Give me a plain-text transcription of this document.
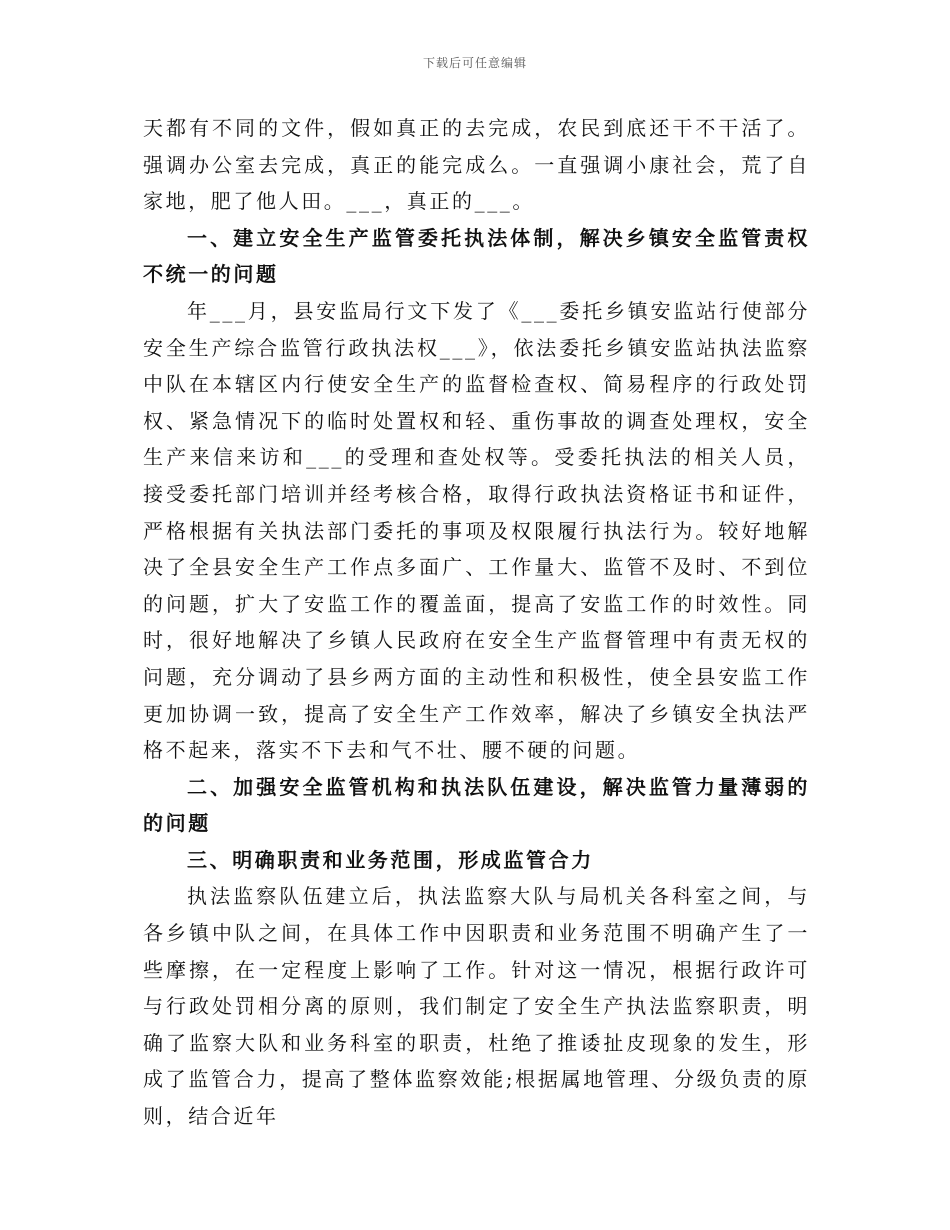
下载后可任意编辑

天都有不同的文件，假如真正的去完成，农民到底还干不干活了。强调办公室去完成，真正的能完成么。一直强调小康社会，荒了自家地，肥了他人田。___，真正的___。

一、建立安全生产监管委托执法体制，解决乡镇安全监管责权不统一的问题

年___月，县安监局行文下发了《___委托乡镇安监站行使部分安全生产综合监管行政执法权___》，依法委托乡镇安监站执法监察中队在本辖区内行使安全生产的监督检查权、简易程序的行政处罚权、紧急情况下的临时处置权和轻、重伤事故的调查处理权，安全生产来信来访和___的受理和查处权等。受委托执法的相关人员，接受委托部门培训并经考核合格，取得行政执法资格证书和证件，严格根据有关执法部门委托的事项及权限履行执法行为。较好地解决了全县安全生产工作点多面广、工作量大、监管不及时、不到位的问题，扩大了安监工作的覆盖面，提高了安监工作的时效性。同时，很好地解决了乡镇人民政府在安全生产监督管理中有责无权的问题，充分调动了县乡两方面的主动性和积极性，使全县安监工作更加协调一致，提高了安全生产工作效率，解决了乡镇安全执法严格不起来，落实不下去和气不壮、腰不硬的问题。

二、加强安全监管机构和执法队伍建设，解决监管力量薄弱的的问题

三、明确职责和业务范围，形成监管合力

执法监察队伍建立后，执法监察大队与局机关各科室之间，与各乡镇中队之间，在具体工作中因职责和业务范围不明确产生了一些摩擦，在一定程度上影响了工作。针对这一情况，根据行政许可与行政处罚相分离的原则，我们制定了安全生产执法监察职责，明确了监察大队和业务科室的职责，杜绝了推诿扯皮现象的发生，形成了监管合力，提高了整体监察效能;根据属地管理、分级负责的原则，结合近年
